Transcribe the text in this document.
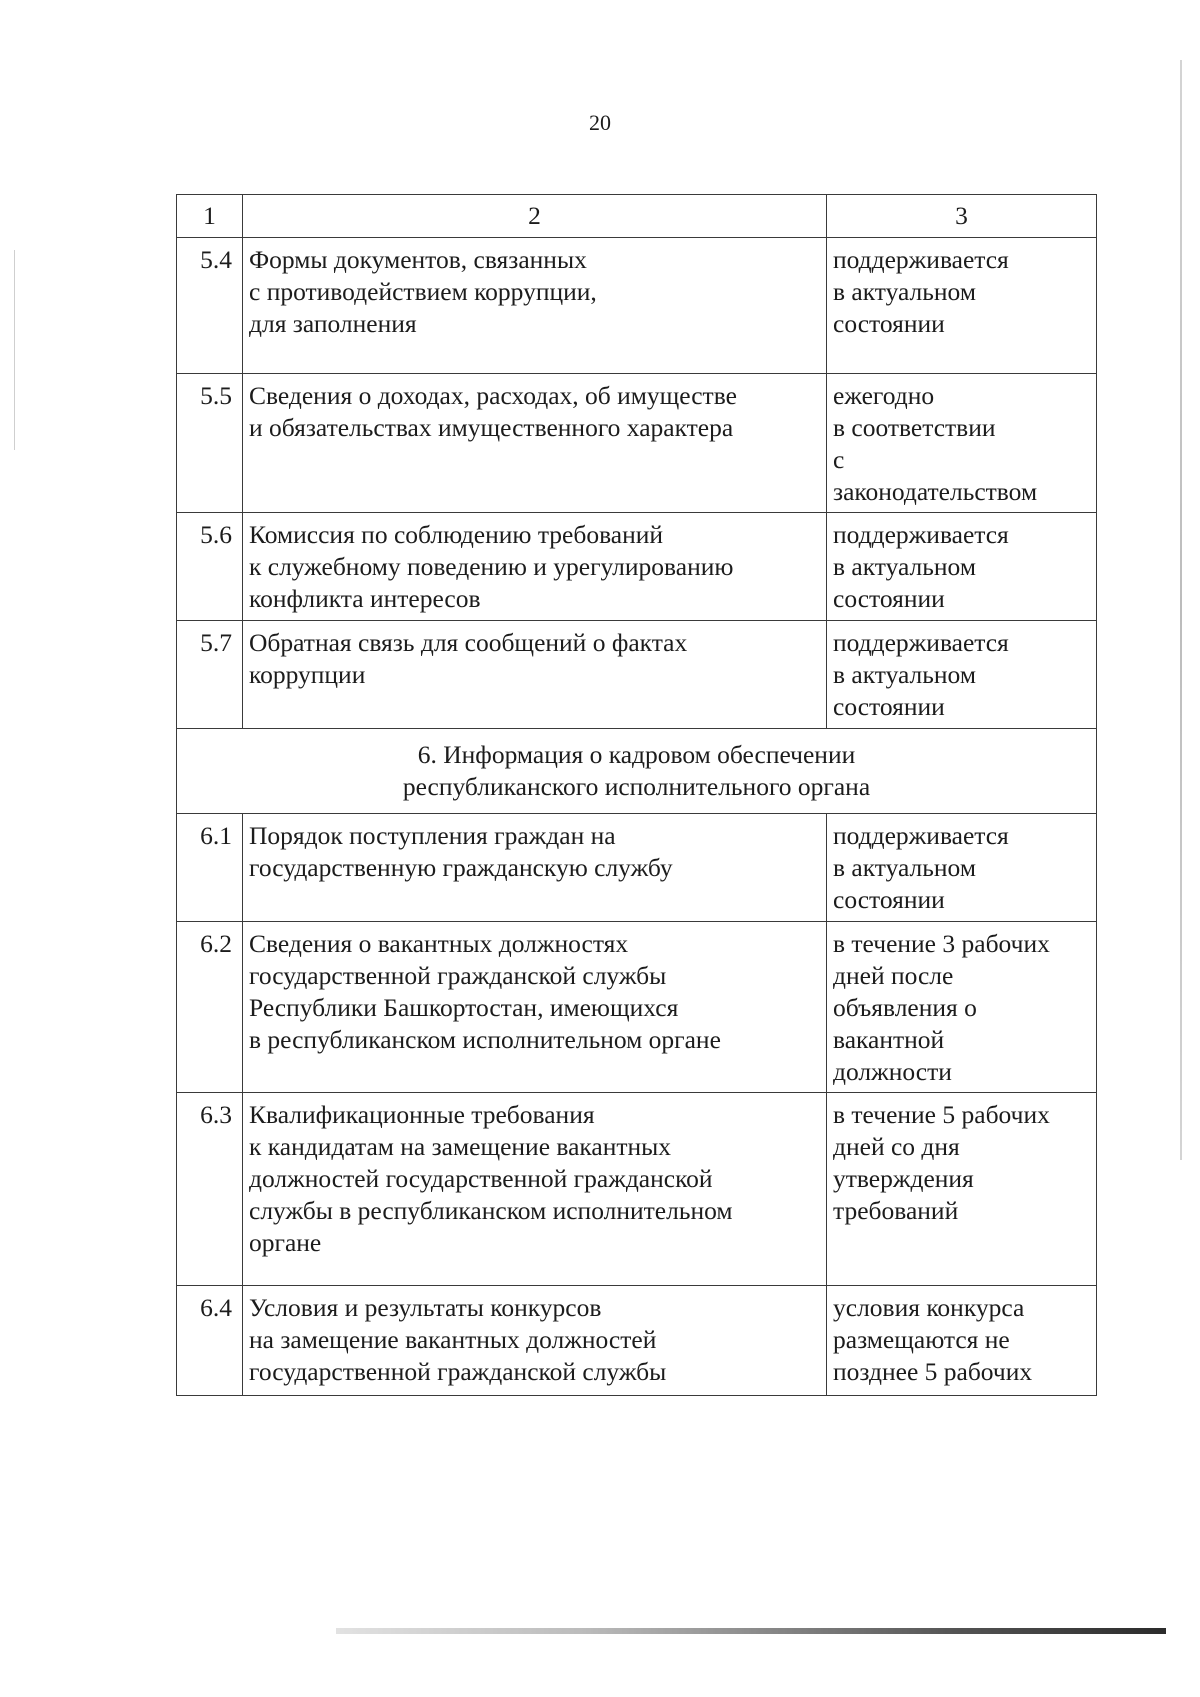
20
1	2	3
5.4	Формы документов, связанных
с противодействием коррупции,
для заполнения	поддерживается
в актуальном
состоянии
5.5	Сведения о доходах, расходах, об имуществе
и обязательствах имущественного характера	ежегодно
в соответствии
с
законодательством
5.6	Комиссия по соблюдению требований
к служебному поведению и урегулированию
конфликта интересов	поддерживается
в актуальном
состоянии
5.7	Обратная связь для сообщений о фактах
коррупции	поддерживается
в актуальном
состоянии
6. Информация о кадровом обеспечении
республиканского исполнительного органа		
6.1	Порядок поступления граждан на
государственную гражданскую службу	поддерживается
в актуальном
состоянии
6.2	Сведения о вакантных должностях
государственной гражданской службы
Республики Башкортостан, имеющихся
в республиканском исполнительном органе	в течение 3 рабочих
дней после
объявления о
вакантной
должности
6.3	Квалификационные требования
к кандидатам на замещение вакантных
должностей государственной гражданской
службы в республиканском исполнительном
органе	в течение 5 рабочих
дней со дня
утверждения
требований
6.4	Условия и результаты конкурсов
на замещение вакантных должностей
государственной гражданской службы	условия конкурса
размещаются не
позднее 5 рабочих
